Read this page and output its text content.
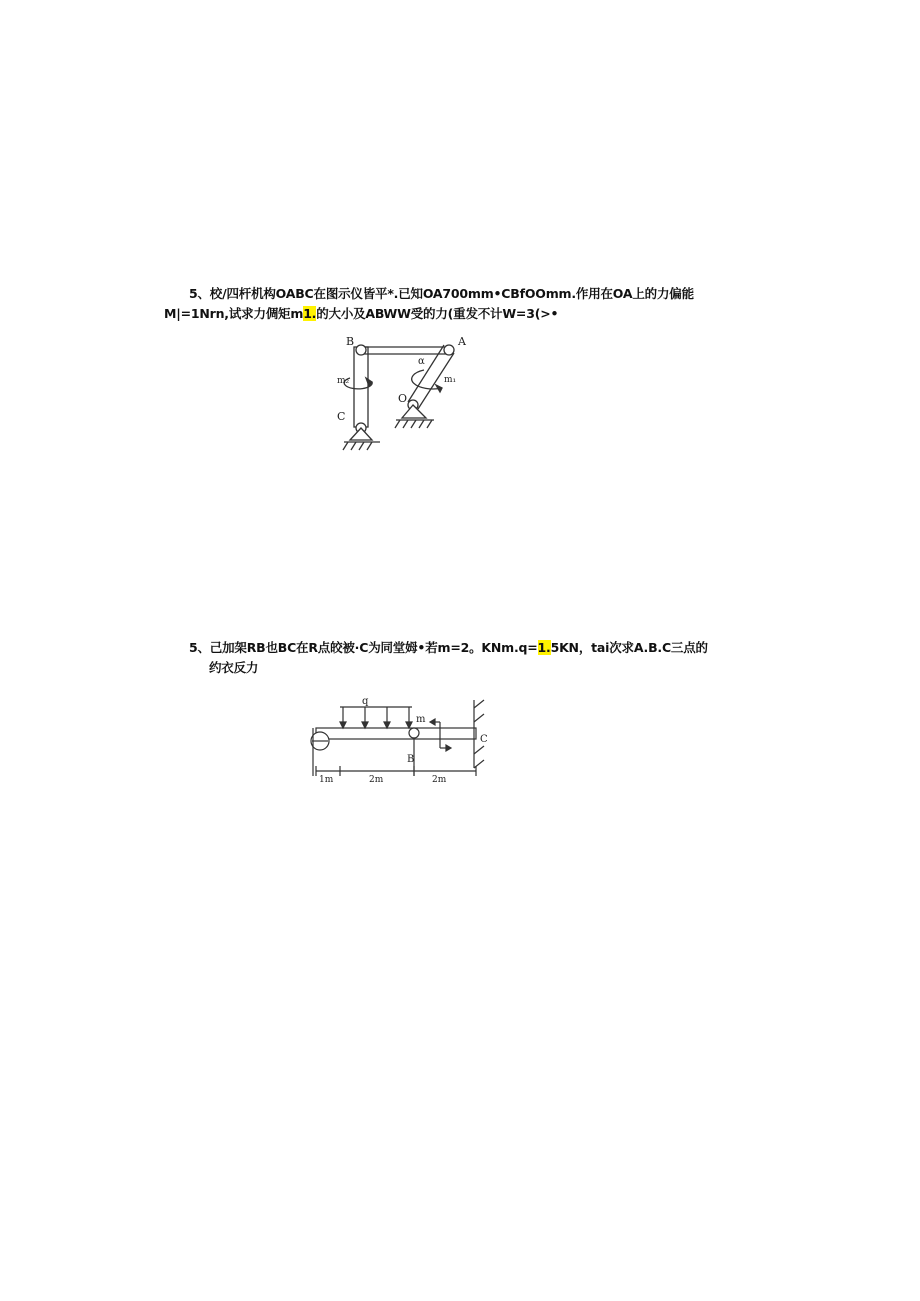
5、校/四杆机构OABC在图示仪皆平*.已知OA700mm•CBfOOmm.作用在OA上的力偏能
M|=1Nrn,试求力倜矩m1.的大小及ABWW受的力(重发不计W=3(>•
B	A
α
m₂	m₁
O
C
5、己加架RB也BC在R点皎被·C为同堂姆•若m=2。KNm.q=1.5KN，tai次求A.B.C三点的
约衣反力
q
m
B
C
1m	2m	2m
